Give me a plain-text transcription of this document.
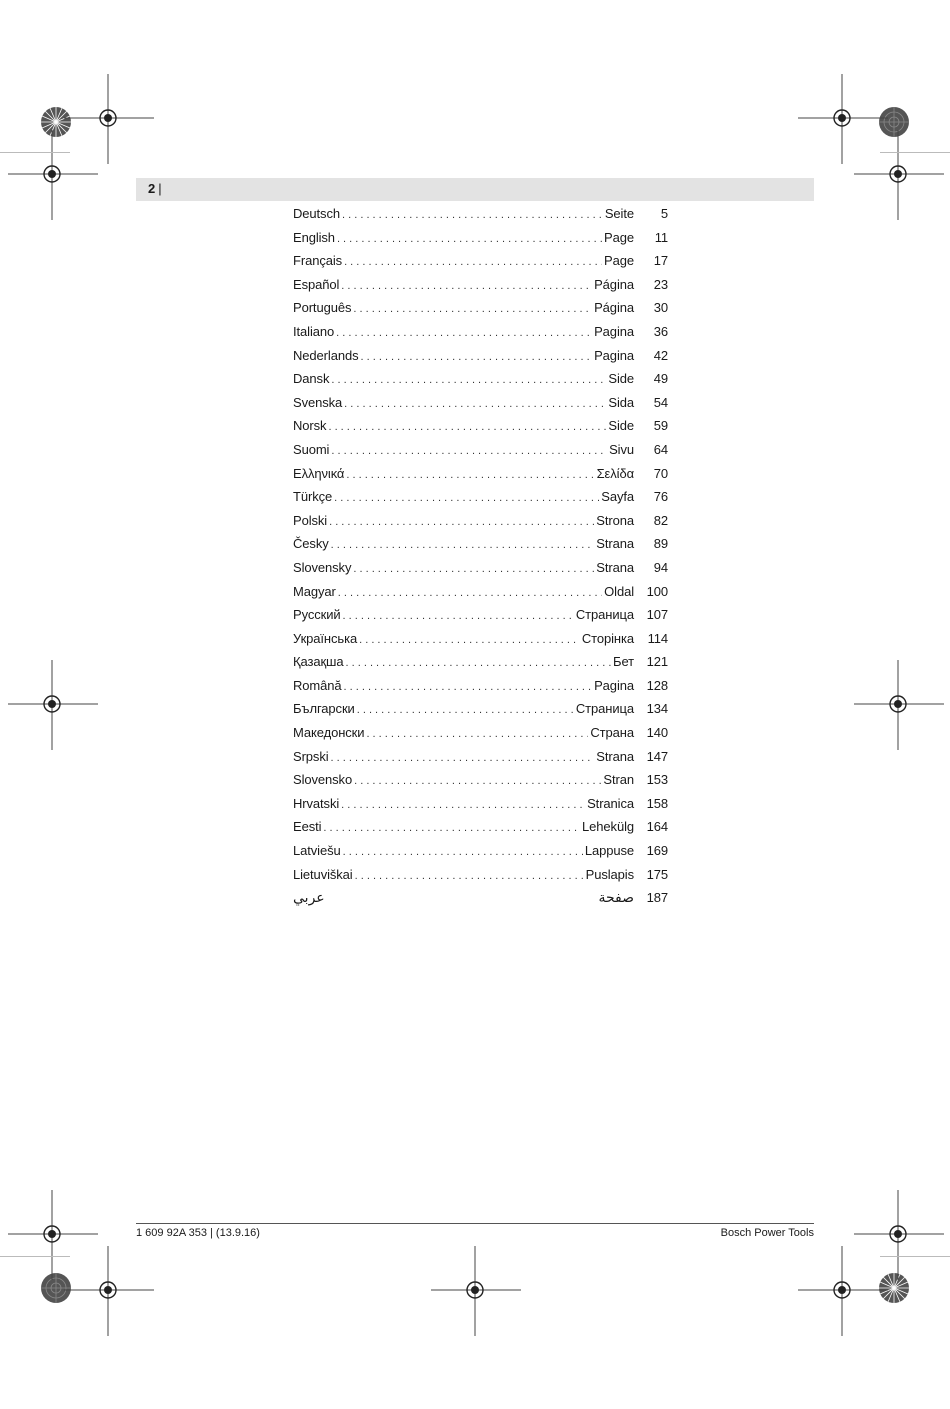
2 |
Deutsch . . .	Seite	5
English . . .	Page	11
Français . . .	Page	17
Español . . .	Página	23
Português . . .	Página	30
Italiano . . .	Pagina	36
Nederlands . . .	Pagina	42
Dansk . . .	Side	49
Svenska . . .	Sida	54
Norsk . . .	Side	59
Suomi . . .	Sivu	64
Ελληνικά . . .	Σελίδα	70
Türkçe . . .	Sayfa	76
Polski . . .	Strona	82
Česky . . .	Strana	89
Slovensky . . .	Strana	94
Magyar . . .	Oldal 100
Русский . . .	Страница 107
Українська . . .	Сторінка	114
Қазақша . . .	Бет 121
Română . . .	Pagina 128
Български . . .	Страница 134
Македонски . . .	Страна 140
Srpski . . .	Strana 147
Slovensko . . .	Stran 153
Hrvatski . . .	Stranica 158
Eesti . . .	Lehekülg 164
Latviešu . . .	Lappuse 169
Lietuviškai . . .	Puslapis 175
عربي	صفحة 187
1 609 92A 353 | (13.9.16)	Bosch Power Tools
